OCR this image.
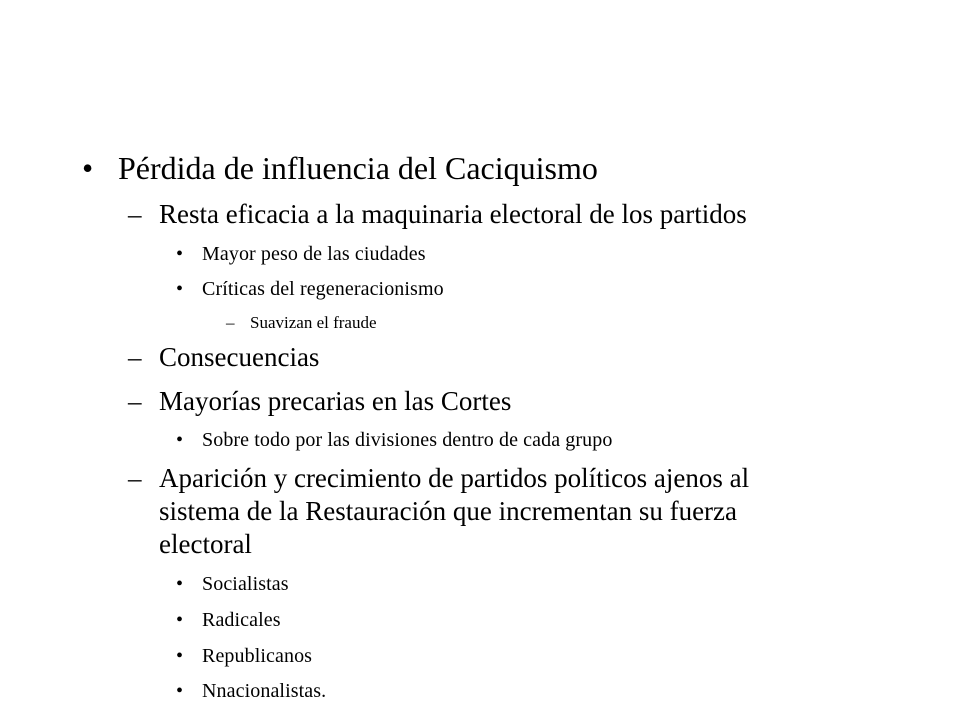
• Pérdida de influencia del Caciquismo
– Resta eficacia a la maquinaria electoral de los partidos
• Mayor peso de las ciudades
• Críticas del regeneracionismo
– Suavizan el fraude
– Consecuencias
– Mayorías precarias en las Cortes
• Sobre todo por las divisiones dentro de cada grupo
– Aparición y crecimiento de partidos políticos ajenos al
sistema de la Restauración que incrementan su fuerza
electoral
• Socialistas
• Radicales
• Republicanos
• Nnacionalistas.
